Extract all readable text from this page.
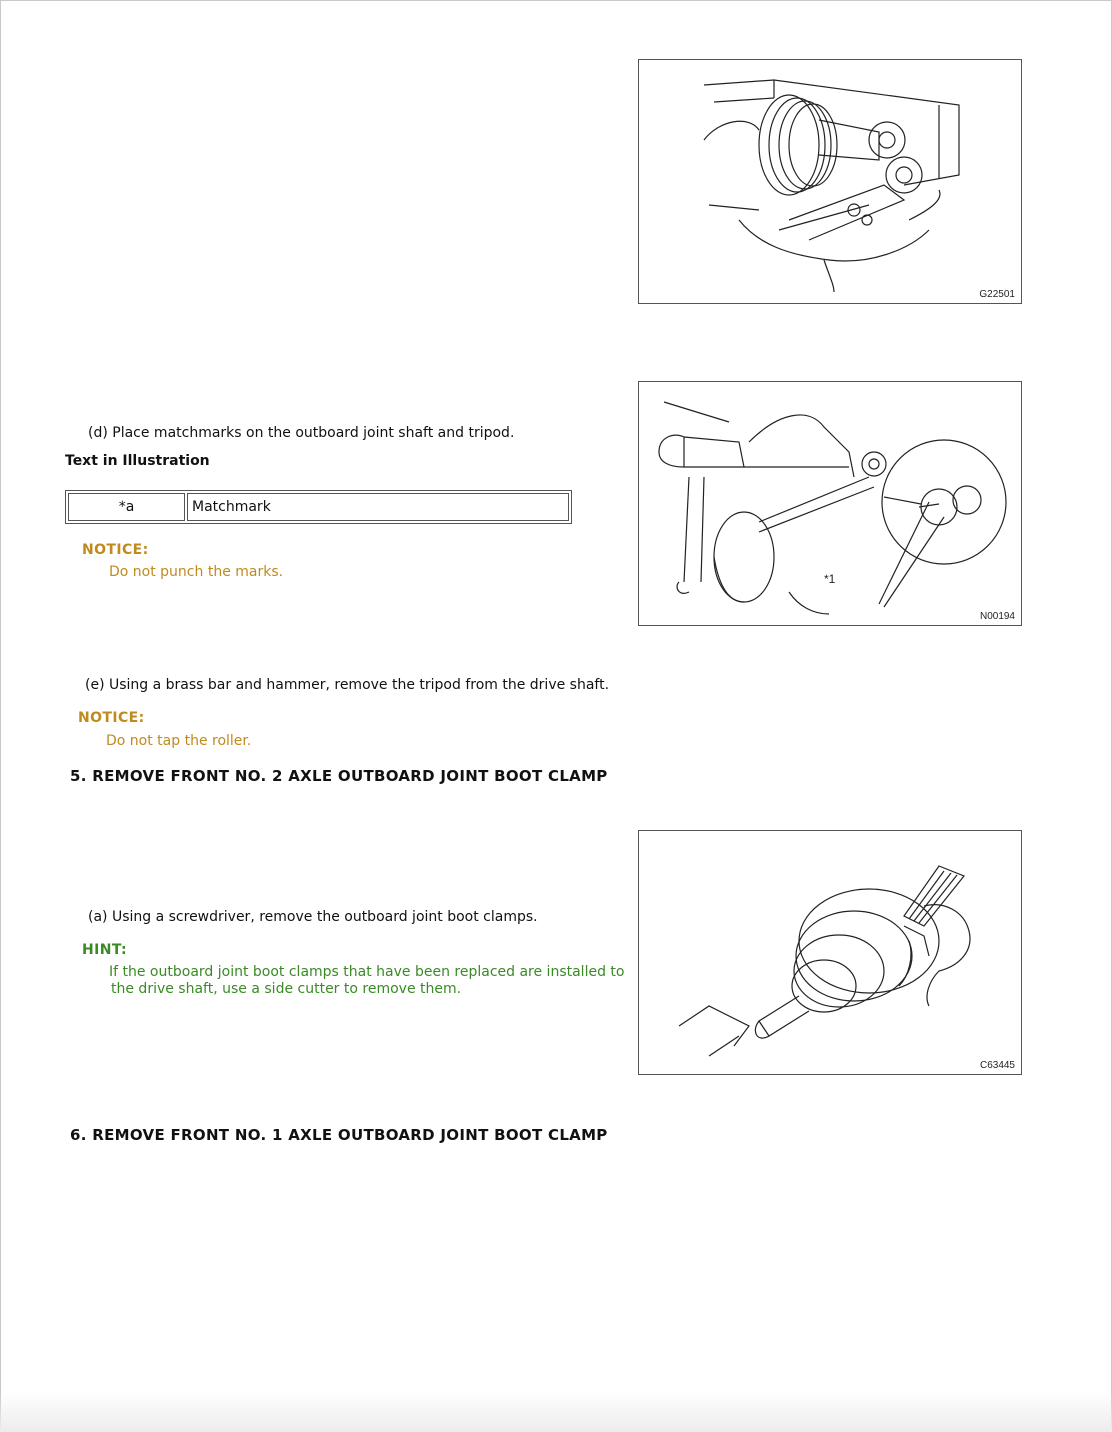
G22501
*1
N00194
C63445
(d) Place matchmarks on the outboard joint shaft and tripod.
Text in Illustration
*a	Matchmark
NOTICE:
Do not punch the marks.
(e) Using a brass bar and hammer, remove the tripod from the drive shaft.
NOTICE:
Do not tap the roller.
5. REMOVE FRONT NO. 2 AXLE OUTBOARD JOINT BOOT CLAMP
(a) Using a screwdriver, remove the outboard joint boot clamps.
HINT:
If the outboard joint boot clamps that have been replaced are installed to
the drive shaft, use a side cutter to remove them.
6. REMOVE FRONT NO. 1 AXLE OUTBOARD JOINT BOOT CLAMP
